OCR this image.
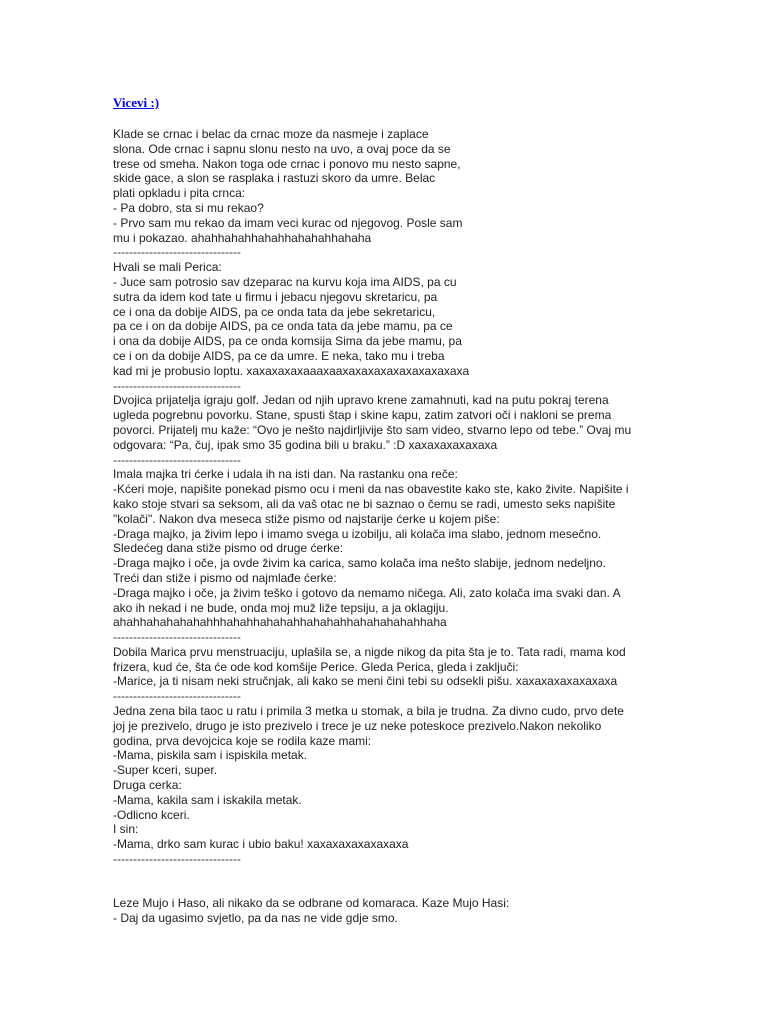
Vicevi :)
Klade se crnac i belac da crnac moze da nasmeje i zaplace
slona. Ode crnac i sapnu slonu nesto na uvo, a ovaj poce da se
trese od smeha. Nakon toga ode crnac i ponovo mu nesto sapne,
skide gace, a slon se rasplaka i rastuzi skoro da umre. Belac
plati opkladu i pita crnca:
- Pa dobro, sta si mu rekao?
- Prvo sam mu rekao da imam veci kurac od njegovog. Posle sam
mu i pokazao. ahahhahahhahahhahahahhahaha
--------------------------------
Hvali se mali Perica:
- Juce sam potrosio sav dzeparac na kurvu koja ima AIDS, pa cu
sutra da idem kod tate u firmu i jebacu njegovu skretaricu, pa
ce i ona da dobije AIDS, pa ce onda tata da jebe sekretaricu,
pa ce i on da dobije AIDS, pa ce onda tata da jebe mamu, pa ce
i ona da dobije AIDS, pa ce onda komsija Sima da jebe mamu, pa
ce i on da dobije AIDS, pa ce da umre. E neka, tako mu i treba
kad mi je probusio loptu. xaxaxaxaxaaaxaaxaxaxaxaxaxaxaxaxaxa
--------------------------------
Dvojica prijatelja igraju golf. Jedan od njih upravo krene zamahnuti, kad na putu pokraj terena
ugleda pogrebnu povorku. Stane, spusti štap i skine kapu, zatim zatvori oči i nakloni se prema
povorci. Prijatelj mu kaže: “Ovo je nešto najdirljivije što sam video, stvarno lepo od tebe.” Ovaj mu
odgovara: “Pa, čuj, ipak smo 35 godina bili u braku.” :D xaxaxaxaxaxaxa
--------------------------------
Imala majka tri ćerke i udala ih na isti dan. Na rastanku ona reče:
-Kćeri moje, napišite ponekad pismo ocu i meni da nas obavestite kako ste, kako živite. Napišite i
kako stoje stvari sa seksom, ali da vaš otac ne bi saznao o čemu se radi, umesto seks napišite
"kolači". Nakon dva meseca stiže pismo od najstarije ćerke u kojem piše:
-Draga majko, ja živim lepo i imamo svega u izobilju, ali kolača ima slabo, jednom mesečno.
Sledećeg dana stiže pismo od druge ćerke:
-Draga majko i oče, ja ovde živim ka carica, samo kolača ima nešto slabije, jednom nedeljno.
Treći dan stiže i pismo od najmlađe ćerke:
-Draga majko i oče, ja živim teško i gotovo da nemamo ničega. Ali, zato kolača ima svaki dan. A
ako ih nekad i ne bude, onda moj muž liže tepsiju, a ja oklagiju.
ahahhahahahahahhhahahhahahahhahahahhahahahahahhaha
--------------------------------
Dobila Marica prvu menstruaciju, uplašila se, a nigde nikog da pita šta je to. Tata radi, mama kod
frizera, kud će, šta će ode kod komšije Perice. Gleda Perica, gleda i zaključi:
-Marice, ja ti nisam neki stručnjak, ali kako se meni čini tebi su odsekli pišu. xaxaxaxaxaxaxaxa
--------------------------------
Jedna zena bila taoc u ratu i primila 3 metka u stomak, a bila je trudna. Za divno cudo, prvo dete
joj je prezivelo, drugo je isto prezivelo i trece je uz neke poteskoce prezivelo.Nakon nekoliko
godina, prva devojcica koje se rodila kaze mami:
-Mama, piskila sam i ispiskila metak.
-Super kceri, super.
Druga cerka:
-Mama, kakila sam i iskakila metak.
-Odlicno kceri.
I sin:
-Mama, drko sam kurac i ubio baku! xaxaxaxaxaxaxaxa
--------------------------------
Leze Mujo i Haso, ali nikako da se odbrane od komaraca. Kaze Mujo Hasi:
- Daj da ugasimo svjetlo, pa da nas ne vide gdje smo.
